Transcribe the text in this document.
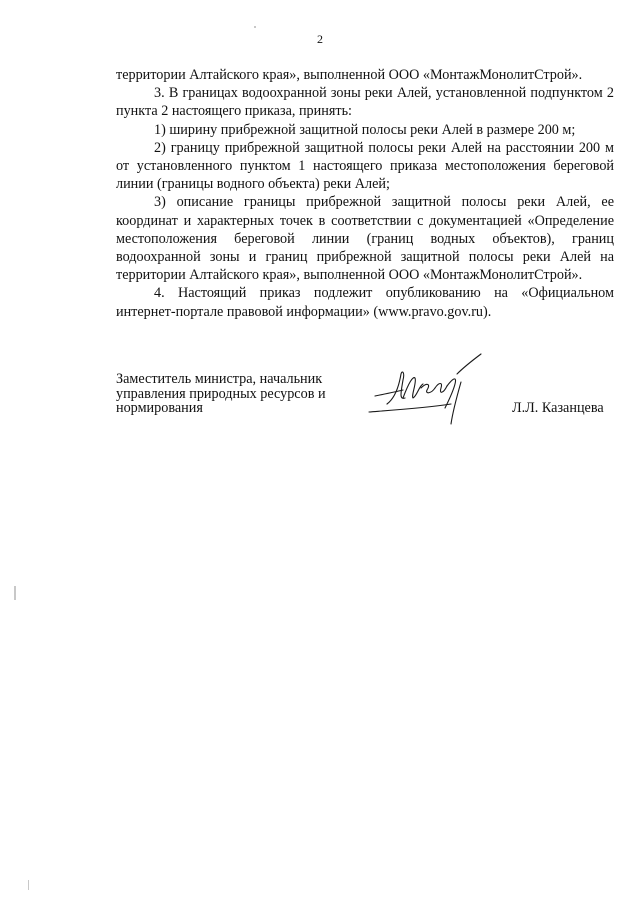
2

территории Алтайского края», выполненной ООО «МонтажМонолитСтрой».

3. В границах водоохранной зоны реки Алей, установленной подпунктом 2 пункта 2 настоящего приказа, принять:

1) ширину прибрежной защитной полосы реки Алей в размере 200 м;

2) границу прибрежной защитной полосы реки Алей на расстоянии 200 м от установленного пунктом 1 настоящего приказа местоположения береговой линии (границы водного объекта) реки Алей;

3) описание границы прибрежной защитной полосы реки Алей, ее координат и характерных точек в соответствии с документацией «Определение местоположения береговой линии (границ водных объектов), границ водоохранной зоны и границ прибрежной защитной полосы реки Алей на территории Алтайского края», выполненной ООО «МонтажМонолитСтрой».

4. Настоящий приказ подлежит опубликованию на «Официальном интернет-портале правовой информации» (www.pravo.gov.ru).

Заместитель министра, начальник
управления природных ресурсов и
нормирования	Л.Л. Казанцева
